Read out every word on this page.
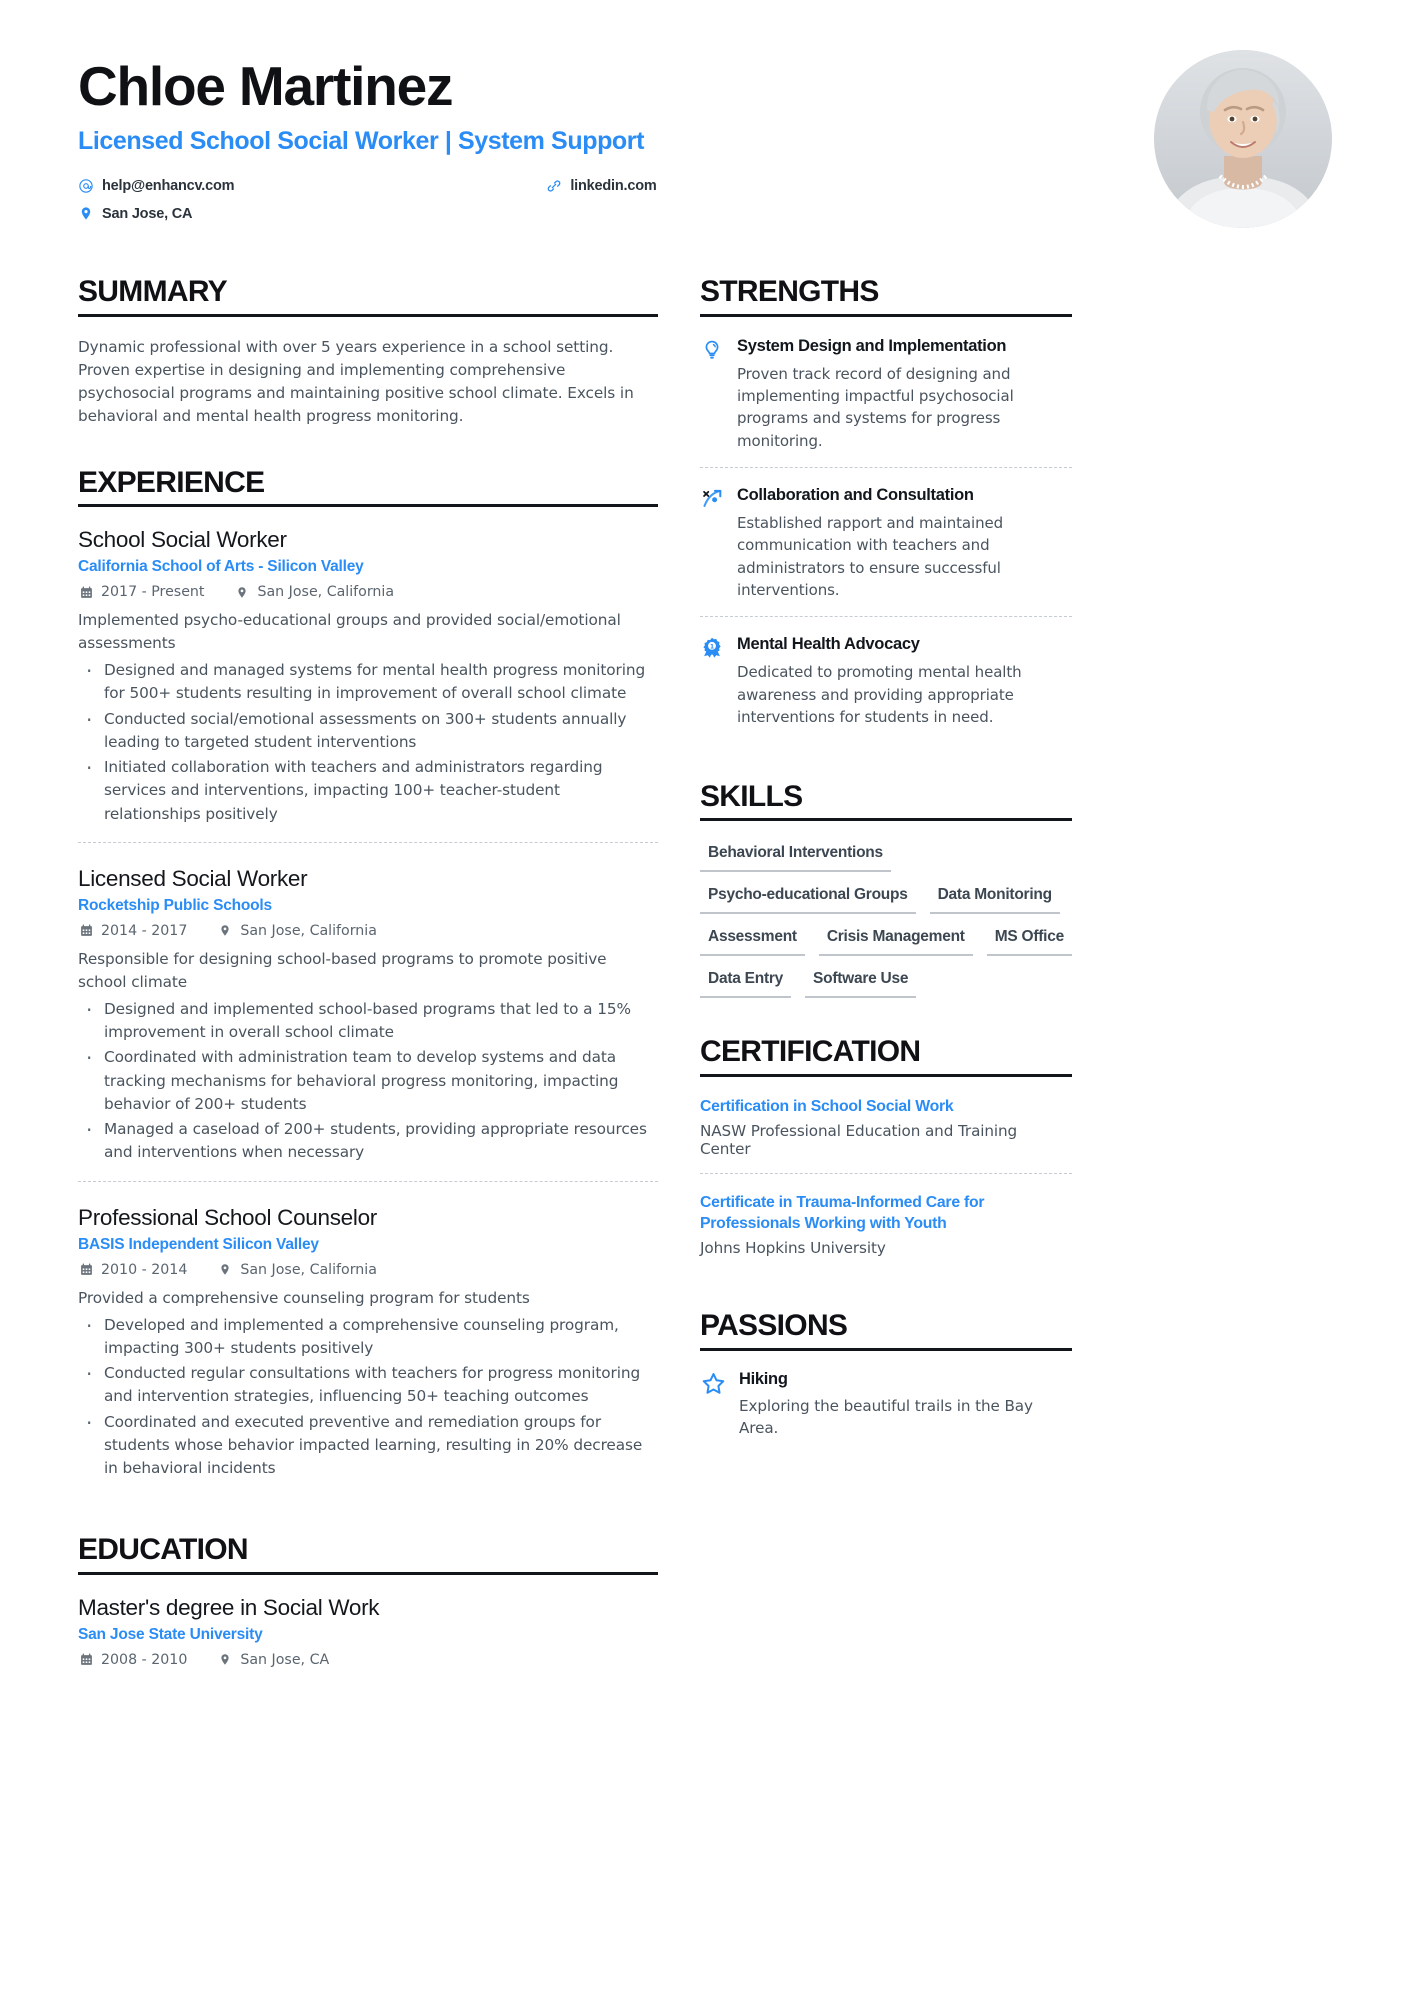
Chloe Martinez
Licensed School Social Worker | System Support
help@enhancv.com	linkedin.com
San Jose, CA
SUMMARY
Dynamic professional with over 5 years experience in a school setting. Proven expertise in designing and implementing comprehensive psychosocial programs and maintaining positive school climate. Excels in behavioral and mental health progress monitoring.
EXPERIENCE
School Social Worker
California School of Arts - Silicon Valley
2017 - Present	San Jose, California
Implemented psycho-educational groups and provided social/emotional assessments
· Designed and managed systems for mental health progress monitoring for 500+ students resulting in improvement of overall school climate
· Conducted social/emotional assessments on 300+ students annually leading to targeted student interventions
· Initiated collaboration with teachers and administrators regarding services and interventions, impacting 100+ teacher-student relationships positively
Licensed Social Worker
Rocketship Public Schools
2014 - 2017	San Jose, California
Responsible for designing school-based programs to promote positive school climate
· Designed and implemented school-based programs that led to a 15% improvement in overall school climate
· Coordinated with administration team to develop systems and data tracking mechanisms for behavioral progress monitoring, impacting behavior of 200+ students
· Managed a caseload of 200+ students, providing appropriate resources and interventions when necessary
Professional School Counselor
BASIS Independent Silicon Valley
2010 - 2014	San Jose, California
Provided a comprehensive counseling program for students
· Developed and implemented a comprehensive counseling program, impacting 300+ students positively
· Conducted regular consultations with teachers for progress monitoring and intervention strategies, influencing 50+ teaching outcomes
· Coordinated and executed preventive and remediation groups for students whose behavior impacted learning, resulting in 20% decrease in behavioral incidents
EDUCATION
Master's degree in Social Work
San Jose State University
2008 - 2010	San Jose, CA
STRENGTHS
System Design and Implementation
Proven track record of designing and implementing impactful psychosocial programs and systems for progress monitoring.
Collaboration and Consultation
Established rapport and maintained communication with teachers and administrators to ensure successful interventions.
1 Mental Health Advocacy
Dedicated to promoting mental health awareness and providing appropriate interventions for students in need.
SKILLS
Behavioral Interventions
Psycho-educational Groups	Data Monitoring
Assessment	Crisis Management	MS Office
Data Entry	Software Use
CERTIFICATION
Certification in School Social Work
NASW Professional Education and Training Center
Certificate in Trauma-Informed Care for Professionals Working with Youth
Johns Hopkins University
PASSIONS
Hiking
Exploring the beautiful trails in the Bay Area.
